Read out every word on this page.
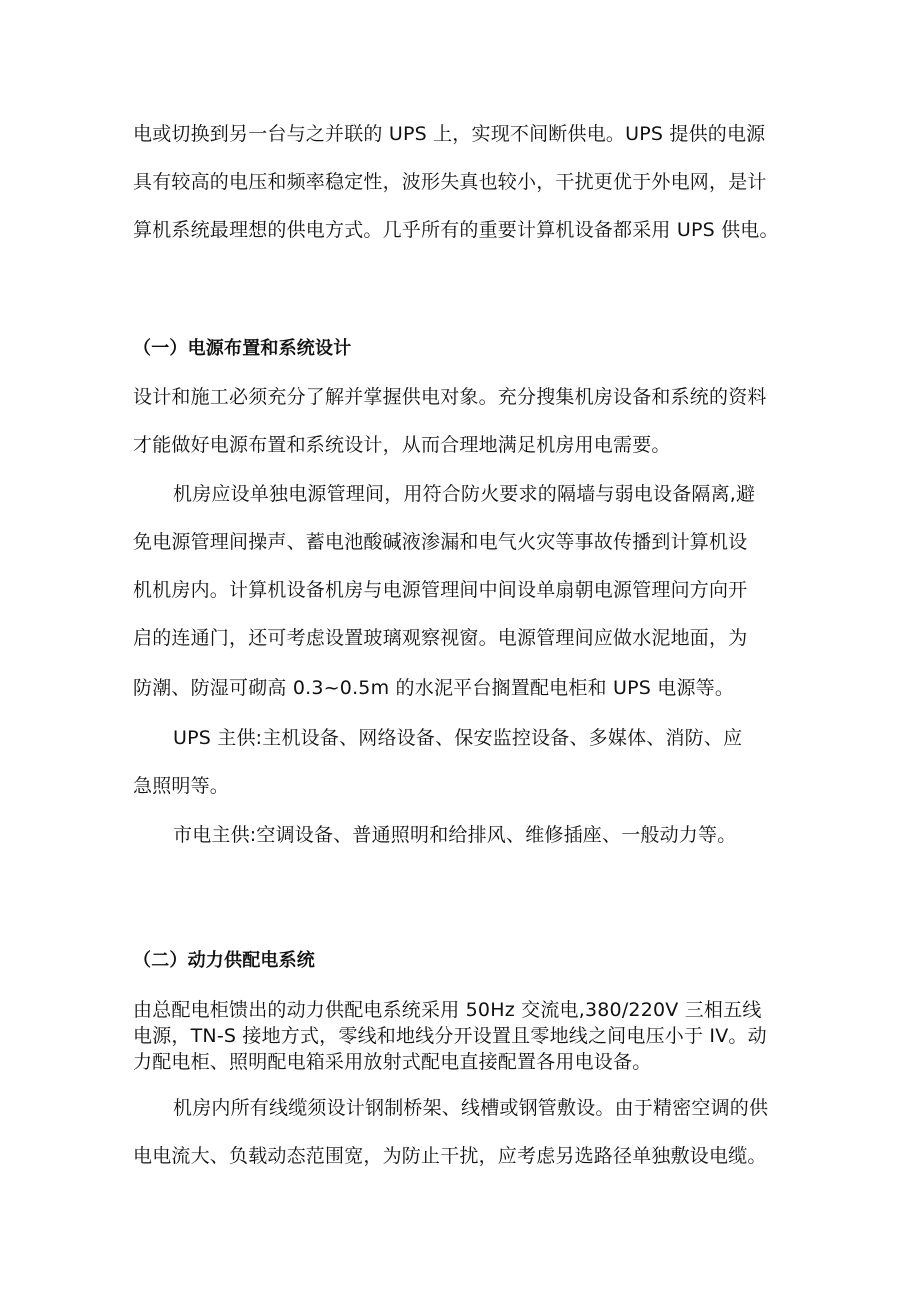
电或切换到另一台与之并联的 UPS 上，实现不间断供电。UPS 提供的电源
具有较高的电压和频率稳定性，波形失真也较小，干扰更优于外电网，是计
算机系统最理想的供电方式。几乎所有的重要计算机设备都采用 UPS 供电。
（一）电源布置和系统设计
设计和施工必须充分了解并掌握供电对象。充分搜集机房设备和系统的资料
才能做好电源布置和系统设计，从而合理地满足机房用电需要。
机房应设单独电源管理间，用符合防火要求的隔墙与弱电设备隔离,避
免电源管理间操声、蓄电池酸碱液渗漏和电气火灾等事故传播到计算机设
机机房内。计算机设备机房与电源管理间中间设单扇朝电源管理问方向开
启的连通门，还可考虑设置玻璃观察视窗。电源管理间应做水泥地面，为
防潮、防湿可砌高 0.3~0.5m 的水泥平台搁置配电柜和 UPS 电源等。
UPS 主供:主机设备、网络设备、保安监控设备、多媒体、消防、应
急照明等。
市电主供:空调设备、普通照明和给排风、维修插座、一般动力等。
（二）动力供配电系统
由总配电柜馈出的动力供配电系统采用 50Hz 交流电,380/220V 三相五线
电源，TN-S 接地方式，零线和地线分开设置且零地线之间电压小于 IV。动
力配电柜、照明配电箱采用放射式配电直接配置各用电设备。
机房内所有线缆须设计钢制桥架、线槽或钢管敷设。由于精密空调的供
电电流大、负载动态范围宽，为防止干扰，应考虑另选路径单独敷设电缆。
